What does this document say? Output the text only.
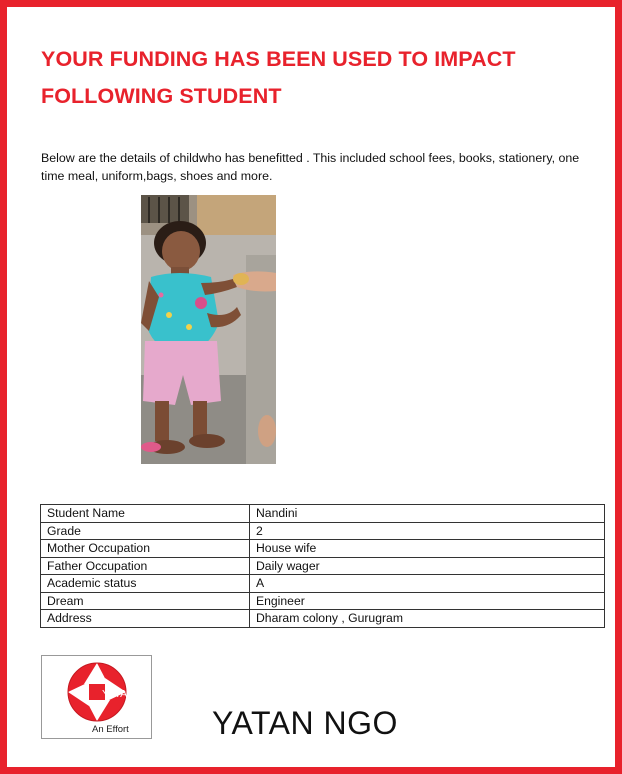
YOUR FUNDING HAS BEEN USED TO IMPACT
FOLLOWING STUDENT

Below are the details of childwho has benefitted . This included school fees, books, stationery, one time meal, uniform,bags, shoes and more.

Student Name	Nandini
Grade	2
Mother Occupation	House wife
Father Occupation	Daily wager
Academic status	A
Dream	Engineer
Address	Dharam colony , Gurugram
YATAN
An Effort	YATAN NGO
